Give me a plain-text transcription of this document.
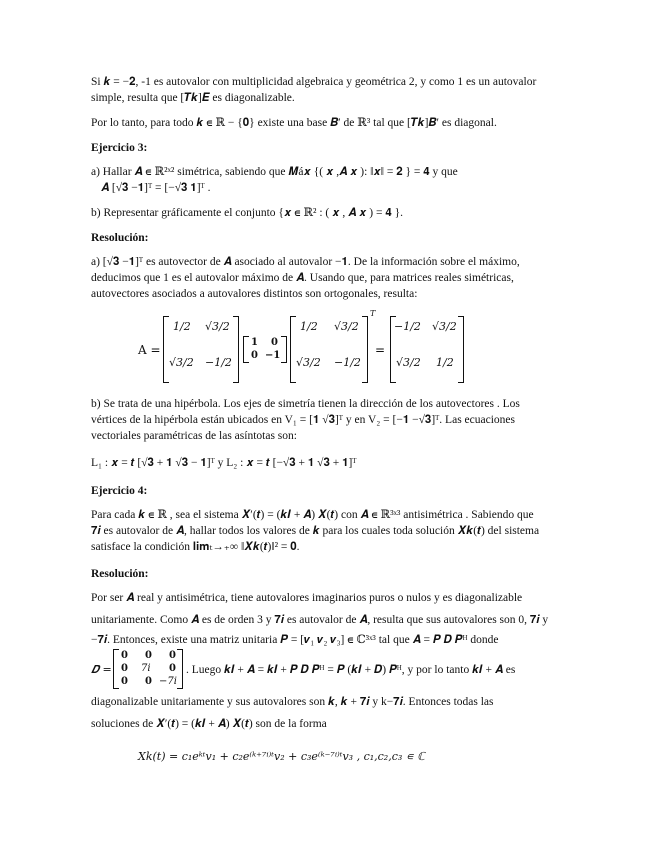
Si 𝒌 = −𝟐, -1 es autovalor con multiplicidad algebraica y geométrica 2, y como 1 es un autovalor
simple, resulta que [𝑻𝒌]𝑬 es diagonalizable.
Por lo tanto, para todo 𝒌 ∊ ℝ − {𝟎} existe una base 𝑩′ de ℝ³ tal que [𝑻𝒌]𝑩′ es diagonal.
Ejercicio 3:
a) Hallar 𝑨 ∊ ℝ²ˣ² simétrica, sabiendo que 𝑴á𝒙 {( 𝒙 ,𝑨 𝒙 ): ‖𝒙‖ = 𝟐 } = 𝟒 y que
𝑨 [√𝟑 −𝟏]ᵀ = [−√𝟑 𝟏]ᵀ .
b) Representar gráficamente el conjunto {𝒙 ∊ ℝ² : ( 𝒙 , 𝑨 𝒙 ) = 𝟒 }.
Resolución:
a) [√𝟑 −𝟏]ᵀ es autovector de 𝑨 asociado al autovalor −𝟏. De la información sobre el máximo,
deducimos que 1 es el autovalor máximo de 𝑨. Usando que, para matrices reales simétricas,
autovectores asociados a autovalores distintos son ortogonales, resulta:
A =
1/2 √3/2
√3/2 −1/2
1 0
0 −1
1/2 √3/2
√3/2 −1/2
T
=
−1/2 √3/2
√3/2 1/2
b) Se trata de una hipérbola. Los ejes de simetría tienen la dirección de los autovectores . Los
vértices de la hipérbola están ubicados en V₁ = [𝟏 √𝟑]ᵀ y en V₂ = [−𝟏 −√𝟑]ᵀ. Las ecuaciones
vectoriales paramétricas de las asíntotas son:
L₁ : 𝒙 = 𝒕 [√𝟑 + 𝟏 √𝟑 − 𝟏]ᵀ y L₂ : 𝒙 = 𝒕 [−√𝟑 + 𝟏 √𝟑 + 𝟏]ᵀ
Ejercicio 4:
Para cada 𝒌 ∊ ℝ , sea el sistema 𝑿′(𝒕) = (𝒌𝑰 + 𝑨) 𝑿(𝒕) con 𝑨 ∊ ℝ³ˣ³ antisimétrica . Sabiendo que
𝟕𝒊 es autovalor de 𝑨, hallar todos los valores de 𝒌 para los cuales toda solución 𝑿𝒌(𝒕) del sistema
satisface la condición 𝐥𝐢𝐦ₜ→₊∞ ‖𝑿𝒌(𝒕)‖² = 𝟎.
Resolución:
Por ser 𝑨 real y antisimétrica, tiene autovalores imaginarios puros o nulos y es diagonalizable
unitariamente. Como 𝑨 es de orden 3 y 𝟕𝒊 es autovalor de 𝑨, resulta que sus autovalores son 0, 𝟕𝒊 y
−𝟕𝒊. Entonces, existe una matriz unitaria 𝑷 = [𝒗₁ 𝒗₂ 𝒗₃] ∊ ℂ³ˣ³ tal que 𝑨 = 𝑷 𝑫 𝑷ᴴ donde
𝑫 =
0 0 0
0 7𝑖 0
0 0 −7𝑖
. Luego 𝒌𝑰 + 𝑨 = 𝒌𝑰 + 𝑷 𝑫 𝑷ᴴ = 𝑷 (𝒌𝑰 + 𝑫) 𝑷ᴴ, y por lo tanto 𝒌𝑰 + 𝑨 es
diagonalizable unitariamente y sus autovalores son 𝒌, 𝒌 + 𝟕𝒊 y k−𝟕𝒊. Entonces todas las
soluciones de 𝑿′(𝒕) = (𝒌𝑰 + 𝑨) 𝑿(𝒕) son de la forma
𝑋𝑘(𝑡) = 𝑐₁𝑒ᵏᵗ𝑣₁ + 𝑐₂𝑒⁽ᵏ⁺⁷ⁱ⁾ᵗ𝑣₂ + 𝑐₃𝑒⁽ᵏ⁻⁷ⁱ⁾ᵗ𝑣₃ , 𝑐₁,𝑐₂,𝑐₃ ∊ ℂ
